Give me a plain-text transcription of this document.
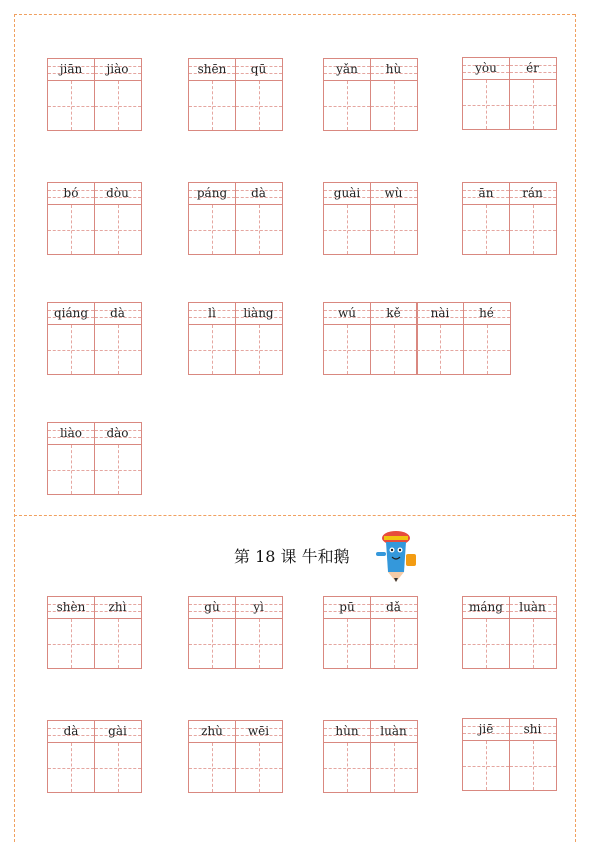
第 18 课 牛和鹅
jiān	jiào	shēn	qū	yǎn	hù	yòu	ér
bó	dòu	páng	dà	guài	wù	ān	rán
qiáng	dà	lì	liàng	wú	kě	nài	hé
liào	dào
shèn	zhì	gù	yì	pū	dǎ	máng	luàn
dà	gài	zhù	wēi	hùn	luàn	jiē	shi
